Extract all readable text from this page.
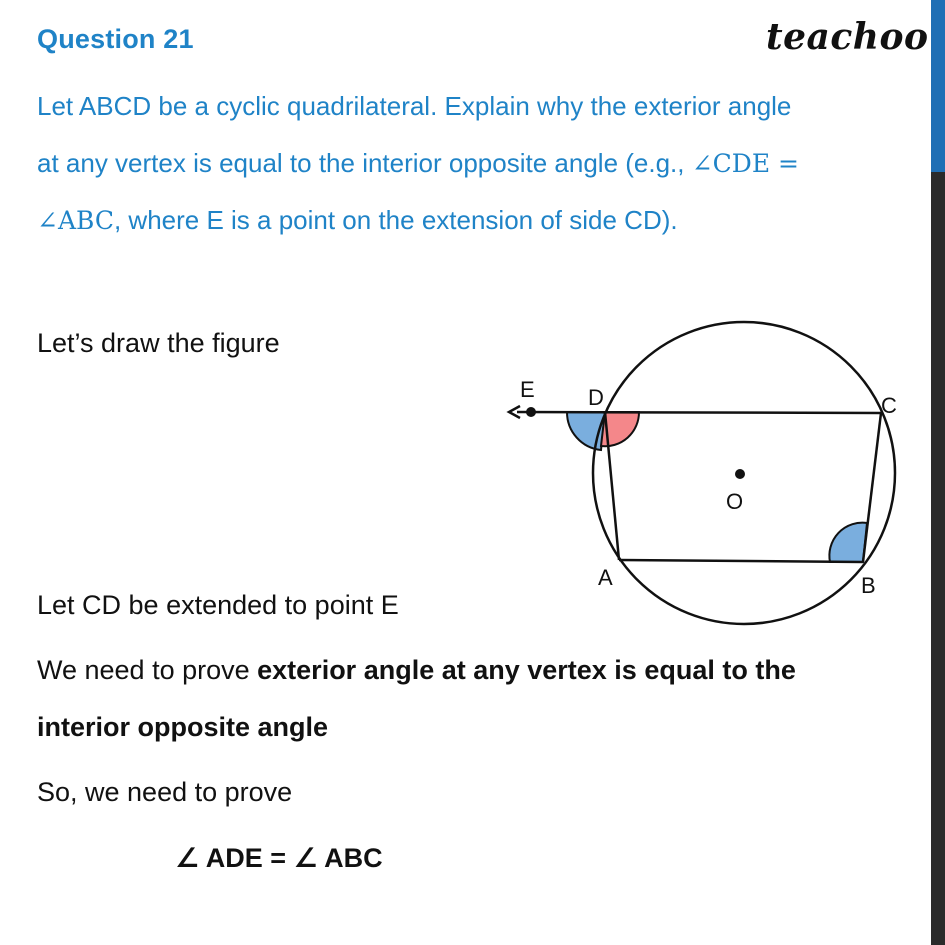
Question 21	teachoo
Let ABCD be a cyclic quadrilateral. Explain why the exterior angle
at any vertex is equal to the interior opposite angle (e.g., ∠CDE =
∠ABC, where E is a point on the extension of side CD).
Let’s draw the figure
E D	C
O
A	B
Let CD be extended to point E
We need to prove exterior angle at any vertex is equal to the
interior opposite angle
So, we need to prove
∠ ADE = ∠ ABC
